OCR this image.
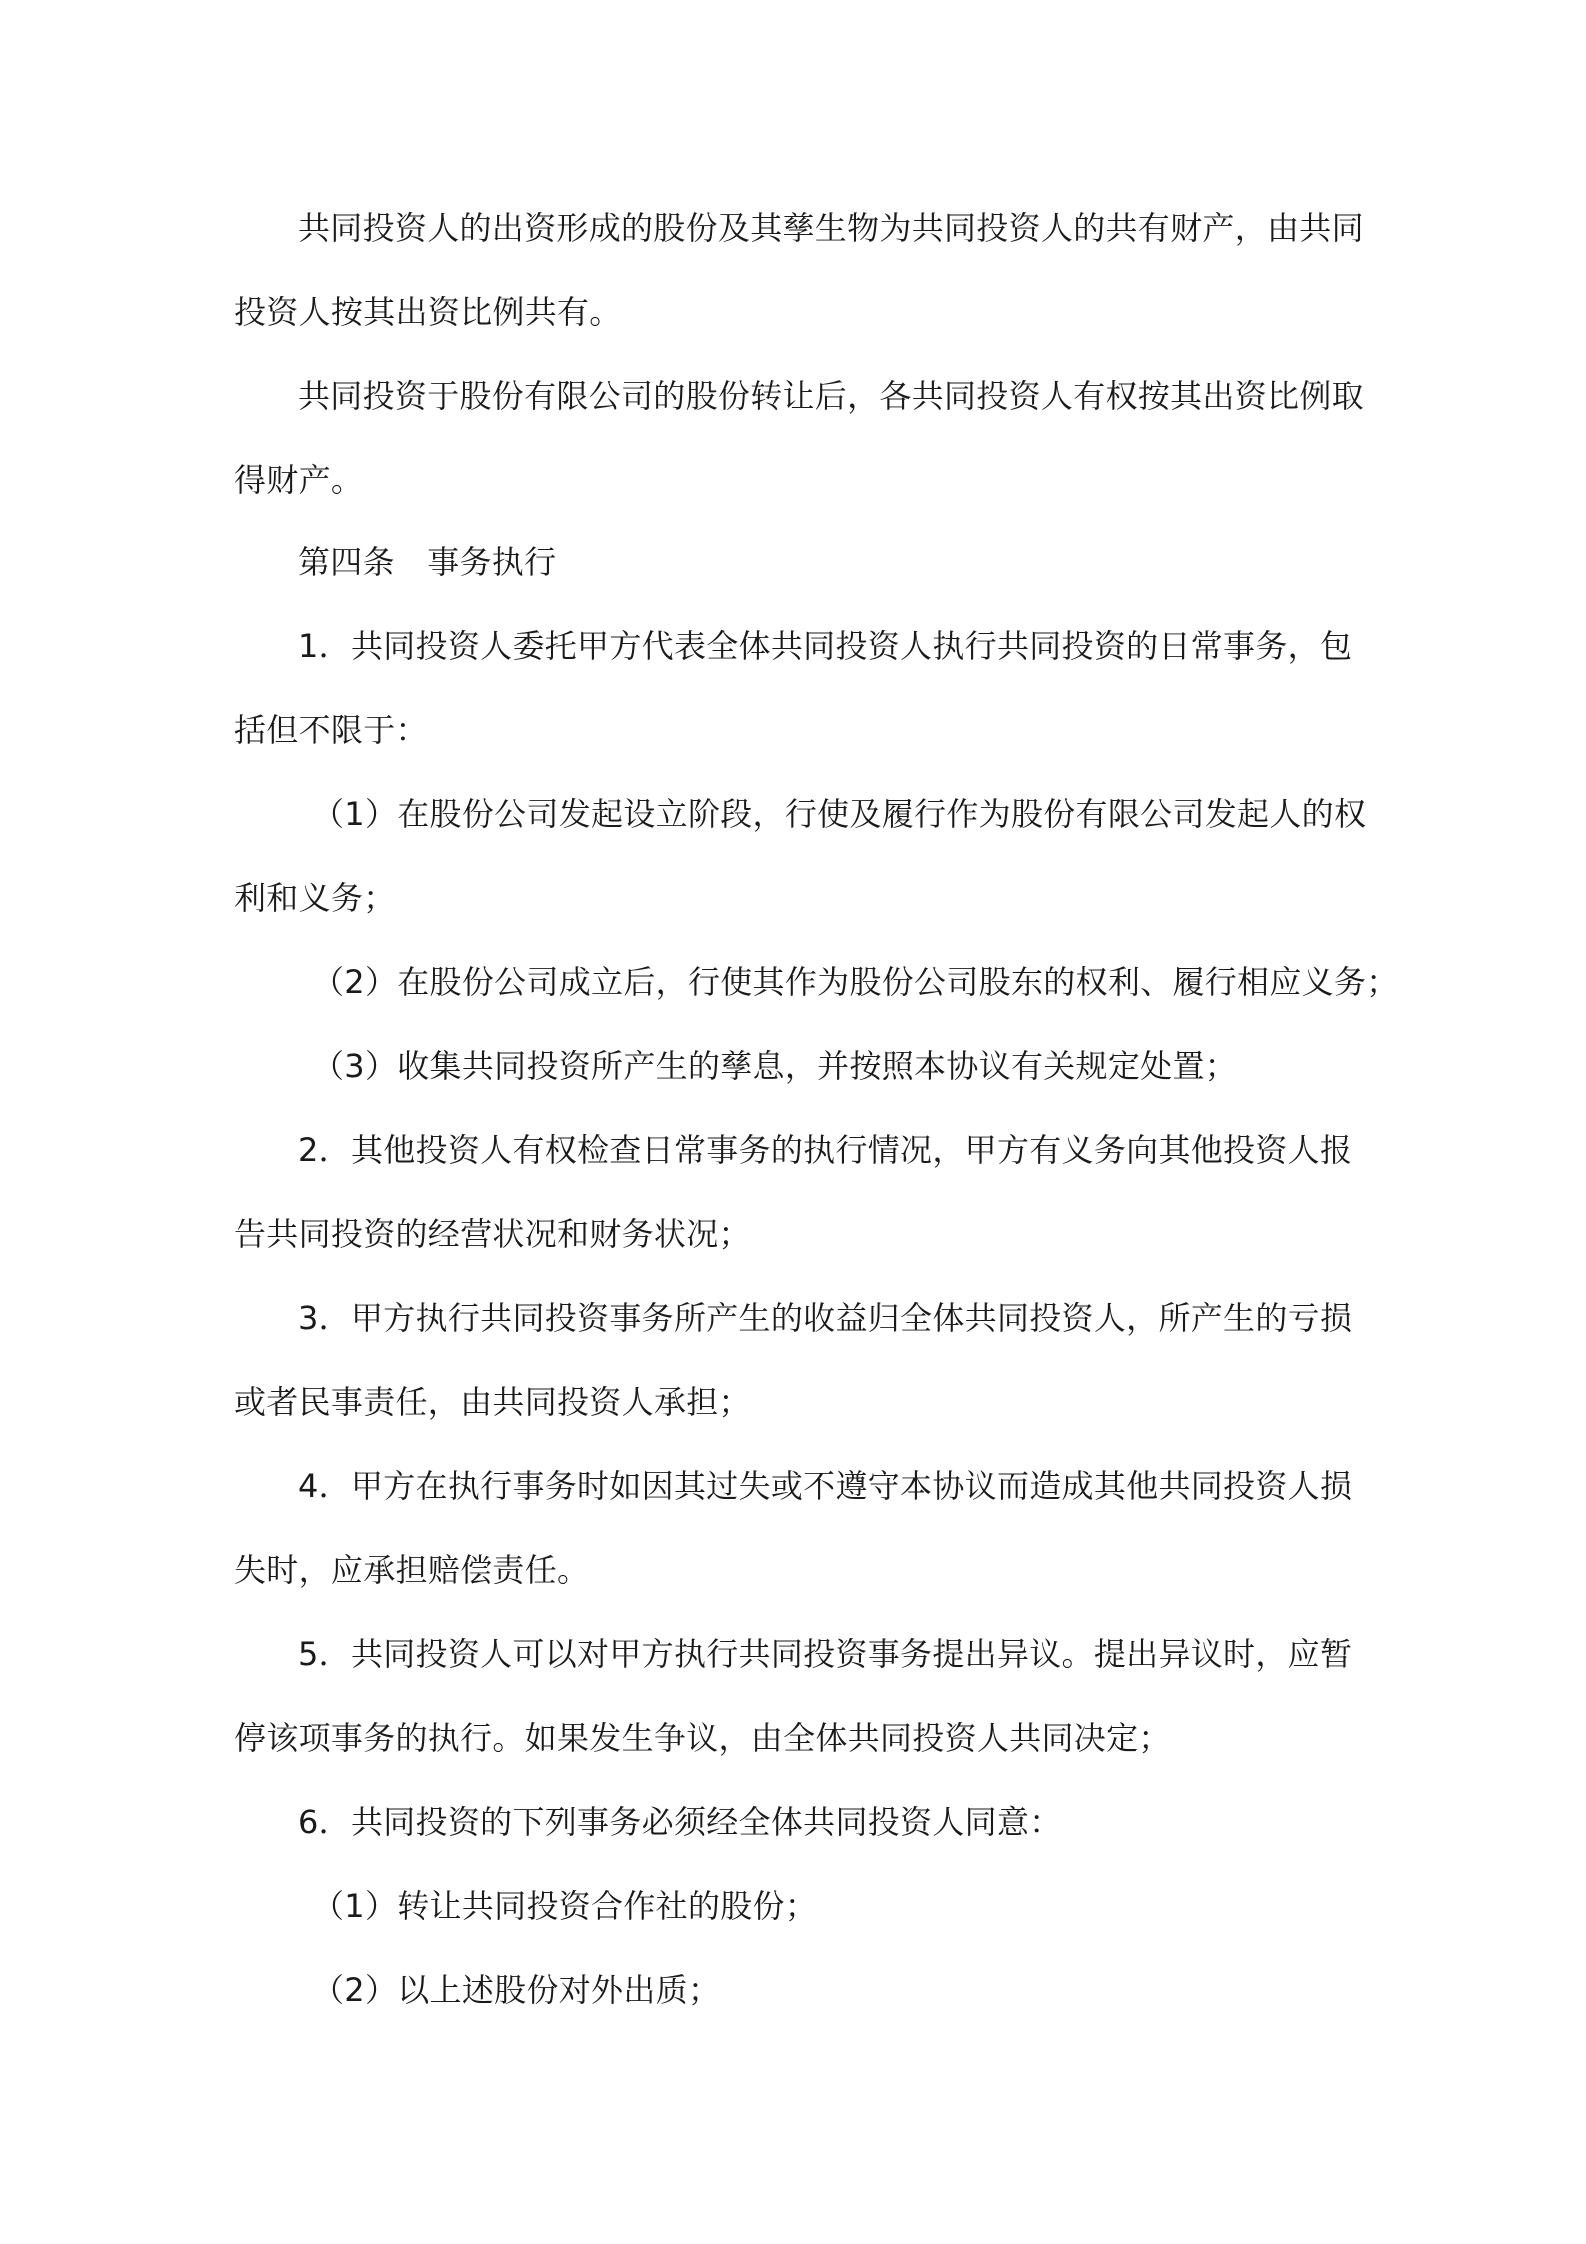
共同投资人的出资形成的股份及其孳生物为共同投资人的共有财产，由共同

投资人按其出资比例共有。

共同投资于股份有限公司的股份转让后，各共同投资人有权按其出资比例取

得财产。

第四条　事务执行

1．共同投资人委托甲方代表全体共同投资人执行共同投资的日常事务，包

括但不限于：

（1）在股份公司发起设立阶段，行使及履行作为股份有限公司发起人的权

利和义务；

（2）在股份公司成立后，行使其作为股份公司股东的权利、履行相应义务；

（3）收集共同投资所产生的孳息，并按照本协议有关规定处置；

2．其他投资人有权检查日常事务的执行情况，甲方有义务向其他投资人报

告共同投资的经营状况和财务状况；

3．甲方执行共同投资事务所产生的收益归全体共同投资人，所产生的亏损

或者民事责任，由共同投资人承担；

4．甲方在执行事务时如因其过失或不遵守本协议而造成其他共同投资人损

失时，应承担赔偿责任。

5．共同投资人可以对甲方执行共同投资事务提出异议。提出异议时，应暂

停该项事务的执行。如果发生争议，由全体共同投资人共同决定；

6．共同投资的下列事务必须经全体共同投资人同意：

（1）转让共同投资合作社的股份；

（2）以上述股份对外出质；
